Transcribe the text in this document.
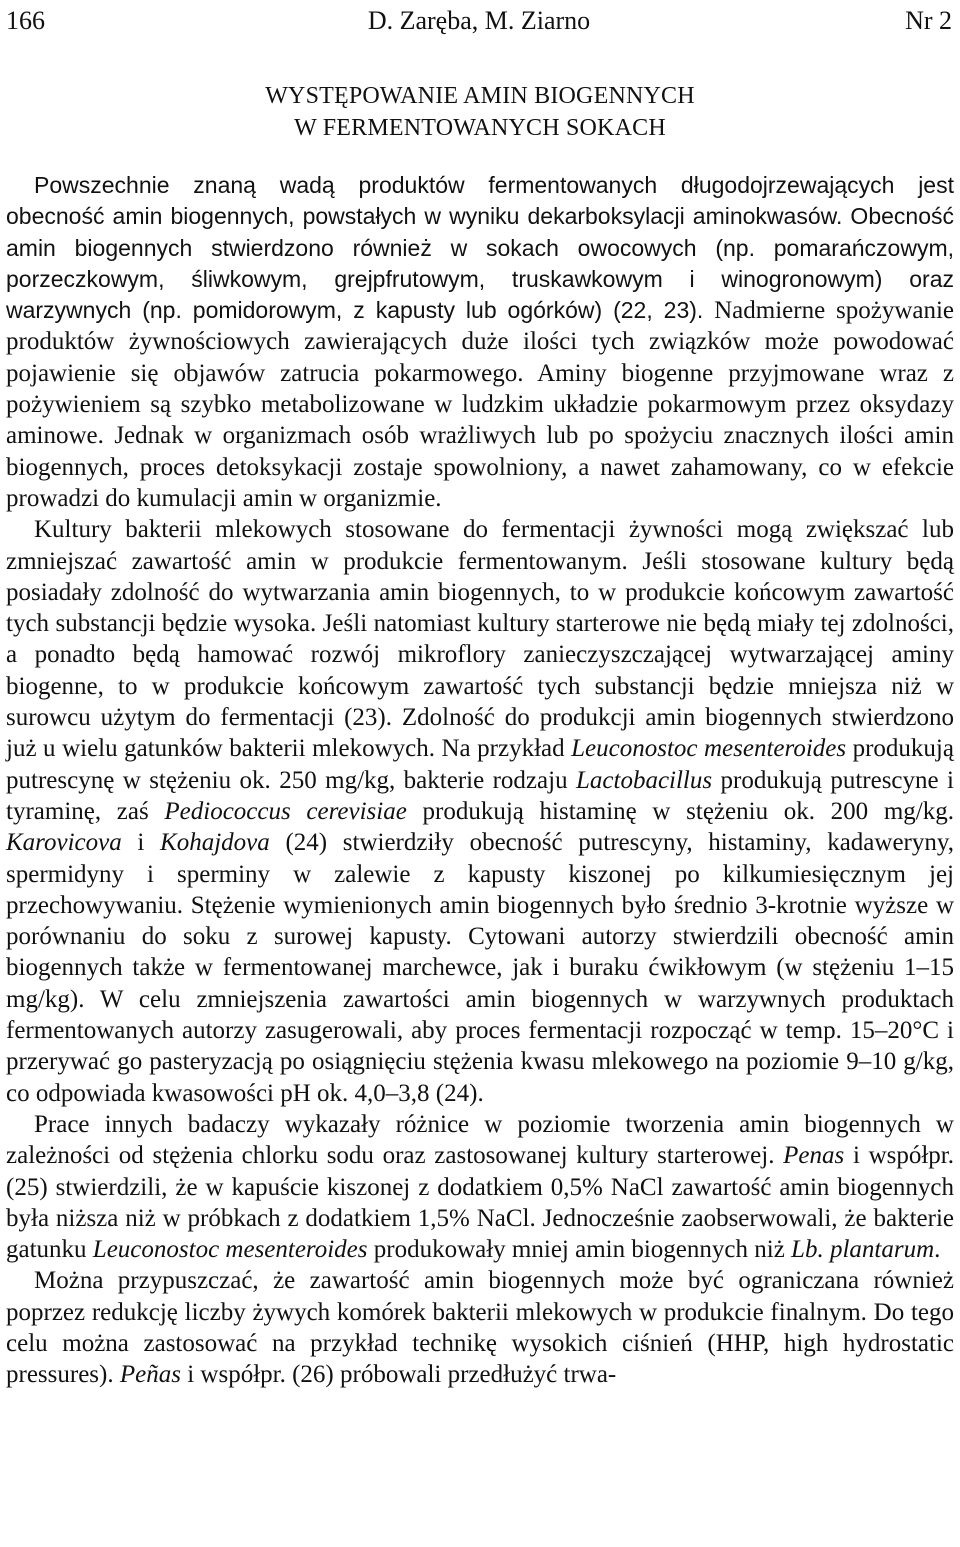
166	D. Zaręba, M. Ziarno	Nr 2
WYSTĘPOWANIE AMIN BIOGENNYCH
W FERMENTOWANYCH SOKACH

Powszechnie znaną wadą produktów fermentowanych długodojrzewających jest obecność amin biogennych, powstałych w wyniku dekarboksylacji aminokwasów. Obecność amin biogennych stwierdzono również w sokach owocowych (np. pomarańczowym, porzeczkowym, śliwkowym, grejpfrutowym, truskawkowym i winogronowym) oraz warzywnych (np. pomidorowym, z kapusty lub ogórków) (22, 23). Nadmierne spożywanie produktów żywnościowych zawierających duże ilości tych związków może powodować pojawienie się objawów zatrucia pokarmowego. Aminy biogenne przyjmowane wraz z pożywieniem są szybko metabolizowane w ludzkim układzie pokarmowym przez oksydazy aminowe. Jednak w organizmach osób wrażliwych lub po spożyciu znacznych ilości amin biogennych, proces detoksykacji zostaje spowolniony, a nawet zahamowany, co w efekcie prowadzi do kumulacji amin w organizmie.

Kultury bakterii mlekowych stosowane do fermentacji żywności mogą zwiększać lub zmniejszać zawartość amin w produkcie fermentowanym. Jeśli stosowane kultury będą posiadały zdolność do wytwarzania amin biogennych, to w produkcie końcowym zawartość tych substancji będzie wysoka. Jeśli natomiast kultury starterowe nie będą miały tej zdolności, a ponadto będą hamować rozwój mikroflory zanieczyszczającej wytwarzającej aminy biogenne, to w produkcie końcowym zawartość tych substancji będzie mniejsza niż w surowcu użytym do fermentacji (23). Zdolność do produkcji amin biogennych stwierdzono już u wielu gatunków bakterii mlekowych. Na przykład Leuconostoc mesenteroides produkują putrescynę w stężeniu ok. 250 mg/kg, bakterie rodzaju Lactobacillus produkują putrescyne i tyraminę, zaś Pediococcus cerevisiae produkują histaminę w stężeniu ok. 200 mg/kg. Karovicova i Kohajdova (24) stwierdziły obecność putrescyny, histaminy, kadaweryny, spermidyny i sperminy w zalewie z kapusty kiszonej po kilkumiesięcznym jej przechowywaniu. Stężenie wymienionych amin biogennych było średnio 3-krotnie wyższe w porównaniu do soku z surowej kapusty. Cytowani autorzy stwierdzili obecność amin biogennych także w fermentowanej marchewce, jak i buraku ćwikłowym (w stężeniu 1–15 mg/kg). W celu zmniejszenia zawartości amin biogennych w warzywnych produktach fermentowanych autorzy zasugerowali, aby proces fermentacji rozpocząć w temp. 15–20°C i przerywać go pasteryzacją po osiągnięciu stężenia kwasu mlekowego na poziomie 9–10 g/kg, co odpowiada kwasowości pH ok. 4,0–3,8 (24).

Prace innych badaczy wykazały różnice w poziomie tworzenia amin biogennych w zależności od stężenia chlorku sodu oraz zastosowanej kultury starterowej. Penas i współpr. (25) stwierdzili, że w kapuście kiszonej z dodatkiem 0,5% NaCl zawartość amin biogennych była niższa niż w próbkach z dodatkiem 1,5% NaCl. Jednocześnie zaobserwowali, że bakterie gatunku Leuconostoc mesenteroides produkowały mniej amin biogennych niż Lb. plantarum.

Można przypuszczać, że zawartość amin biogennych może być ograniczana również poprzez redukcję liczby żywych komórek bakterii mlekowych w produkcie finalnym. Do tego celu można zastosować na przykład technikę wysokich ciśnień (HHP, high hydrostatic pressures). Peñas i współpr. (26) próbowali przedłużyć trwa-
